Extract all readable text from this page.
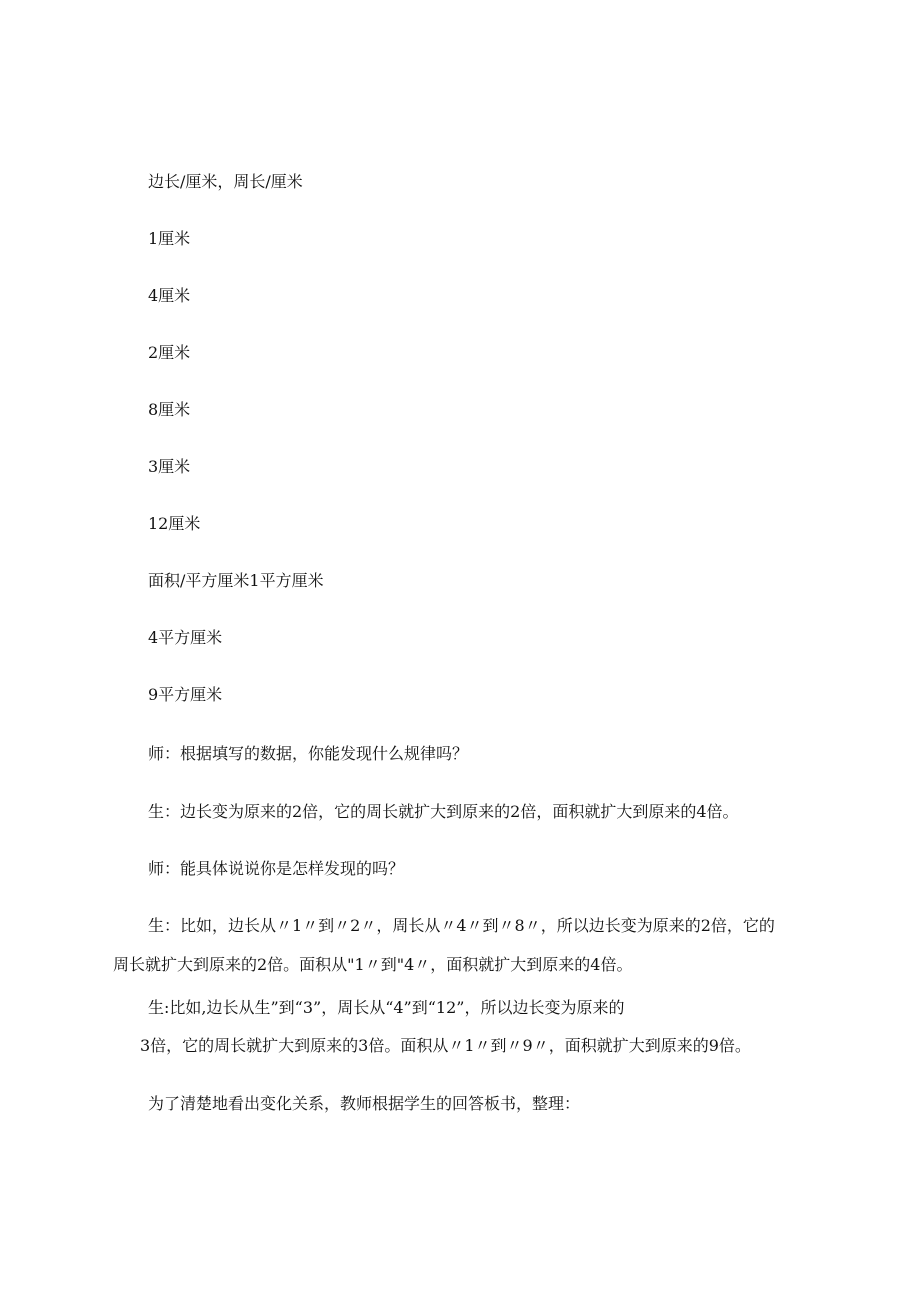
边长/厘米，周长/厘米
1厘米
4厘米
2厘米
8厘米
3厘米
12厘米
面积/平方厘米1平方厘米
4平方厘米
9平方厘米
师：根据填写的数据，你能发现什么规律吗？
生：边长变为原来的2倍，它的周长就扩大到原来的2倍，面积就扩大到原来的4倍。
师：能具体说说你是怎样发现的吗？
生：比如，边长从〃1〃到〃2〃，周长从〃4〃到〃8〃，所以边长变为原来的2倍，它的
周长就扩大到原来的2倍。面积从"1〃到"4〃，面积就扩大到原来的4倍。
生:比如,边长从生”到“3”，周长从“4”到“12”，所以边长变为原来的
3倍，它的周长就扩大到原来的3倍。面积从〃1〃到〃9〃，面积就扩大到原来的9倍。
为了清楚地看出变化关系，教师根据学生的回答板书，整理：
